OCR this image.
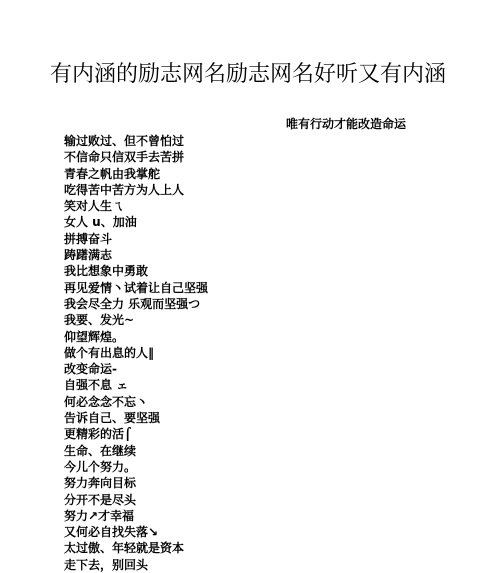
有内涵的励志网名励志网名好听又有内涵
唯有行动才能改造命运
输过败过、但不曾怕过
不信命只信双手去苦拼
青春之帆由我掌舵
吃得苦中苦方为人上人
笑对人生ㄟ
女人 u、加油
拼搏奋斗
踌躇满志
我比想象中勇敢
再见爱情丶试着让自己坚强
我会尽全力 乐观而坚强つ
我要、发光~
仰望辉煌。
做个有出息的人‖
改变命运-
自强不息 ェ
何必念念不忘丶
告诉自己、要坚强
更精彩的活⌠
生命、在继续
今儿个努力。
努力奔向目标
分开不是尽头
努力↗才幸福
又何必自找失落↘
太过傲、年轻就是资本
走下去，别回头
